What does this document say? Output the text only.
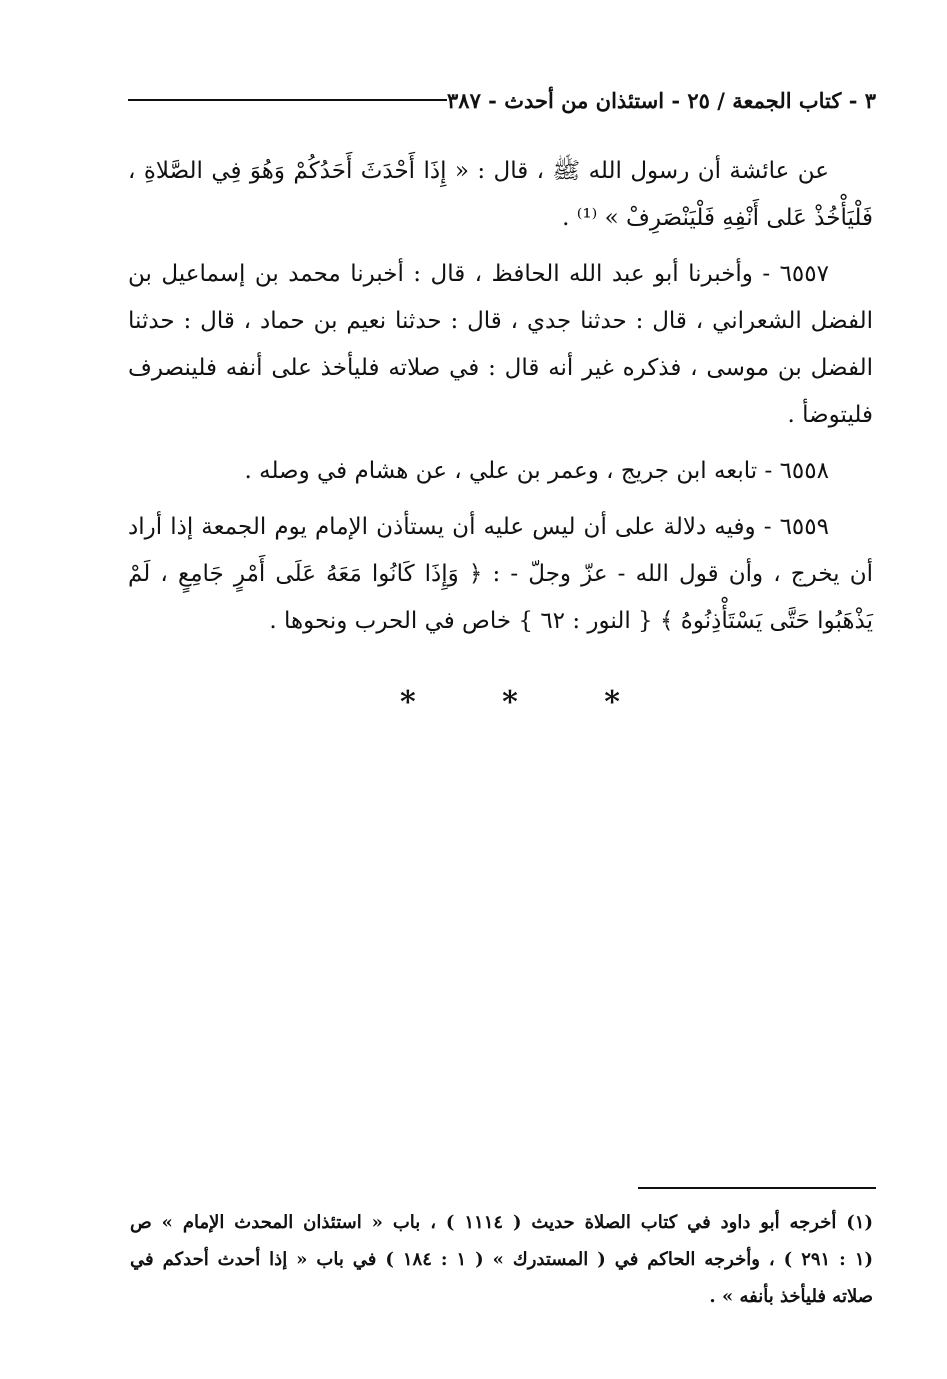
٣ - كتاب الجمعة / ٢٥ - استئذان من أحدث - ٣٨٧

عن عائشة أن رسول الله ﷺ ، قال : « إِذَا أَحْدَثَ أَحَدُكُمْ وَهُوَ فِي الصَّلاةِ ،
فَلْيَأْخُذْ عَلى أَنْفِهِ فَلْيَنْصَرِفْ » ⁽¹⁾ .

٦٥٥٧ - وأخبرنا أبو عبد الله الحافظ ، قال : أخبرنا محمد بن إسماعيل بن
الفضل الشعراني ، قال : حدثنا جدي ، قال : حدثنا نعيم بن حماد ، قال : حدثنا
الفضل بن موسى ، فذكره غير أنه قال : في صلاته فليأخذ على أنفه فلينصرف
فليتوضأ .

٦٥٥٨ - تابعه ابن جريج ، وعمر بن علي ، عن هشام في وصله .

٦٥٥٩ - وفيه دلالة على أن ليس عليه أن يستأذن الإمام يوم الجمعة إذا أراد
أن يخرج ، وأن قول الله - عزّ وجلّ - : ﴿ وَإِذَا كَانُوا مَعَهُ عَلَى أَمْرٍ جَامِعٍ ، لَمْ
يَذْهَبُوا حَتَّى يَسْتَأْذِنُوهُ ﴾ { النور : ٦٢ } خاص في الحرب ونحوها .

*	*	*
(١) أخرجه أبو داود في كتاب الصلاة حديث ( ١١١٤ ) ، باب « استئذان المحدث الإمام » ص
(١ : ٢٩١ ) ، وأخرجه الحاكم في ( المستدرك » ( ١ : ١٨٤ ) في باب « إذا أحدث أحدكم في
صلاته فليأخذ بأنفه » .
